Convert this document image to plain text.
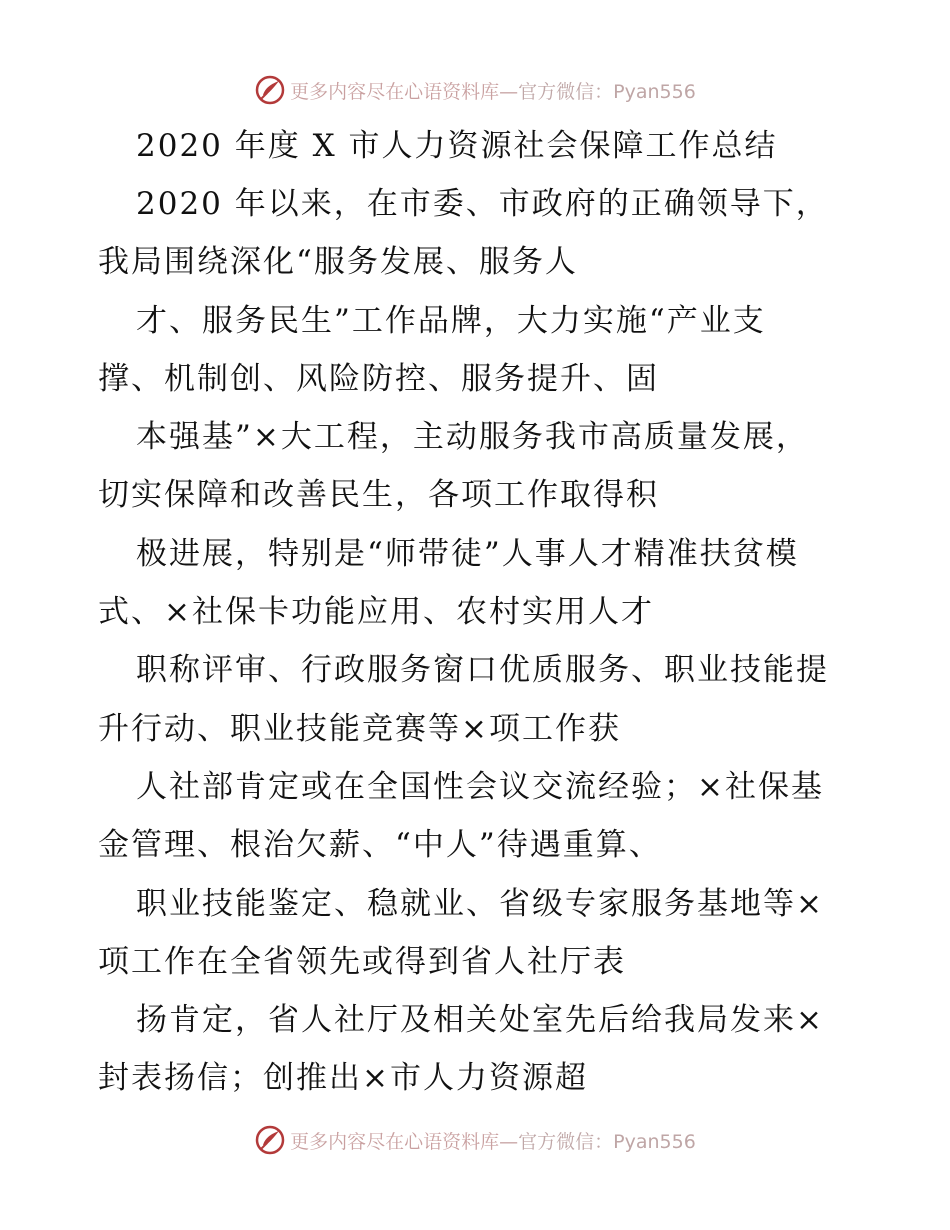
更多内容尽在心语资料库—官方微信：Pyan556
2020 年度 X 市人力资源社会保障工作总结
2020 年以来，在市委、市政府的正确领导下，
我局围绕深化“服务发展、服务人
才、服务民生”工作品牌，大力实施“产业支
撑、机制创、风险防控、服务提升、固
本强基”×大工程，主动服务我市高质量发展，
切实保障和改善民生，各项工作取得积
极进展，特别是“师带徒”人事人才精准扶贫模
式、×社保卡功能应用、农村实用人才
职称评审、行政服务窗口优质服务、职业技能提
升行动、职业技能竞赛等×项工作获
人社部肯定或在全国性会议交流经验；×社保基
金管理、根治欠薪、“中人”待遇重算、
职业技能鉴定、稳就业、省级专家服务基地等×
项工作在全省领先或得到省人社厅表
扬肯定，省人社厅及相关处室先后给我局发来×
封表扬信；创推出×市人力资源超
更多内容尽在心语资料库—官方微信：Pyan556
